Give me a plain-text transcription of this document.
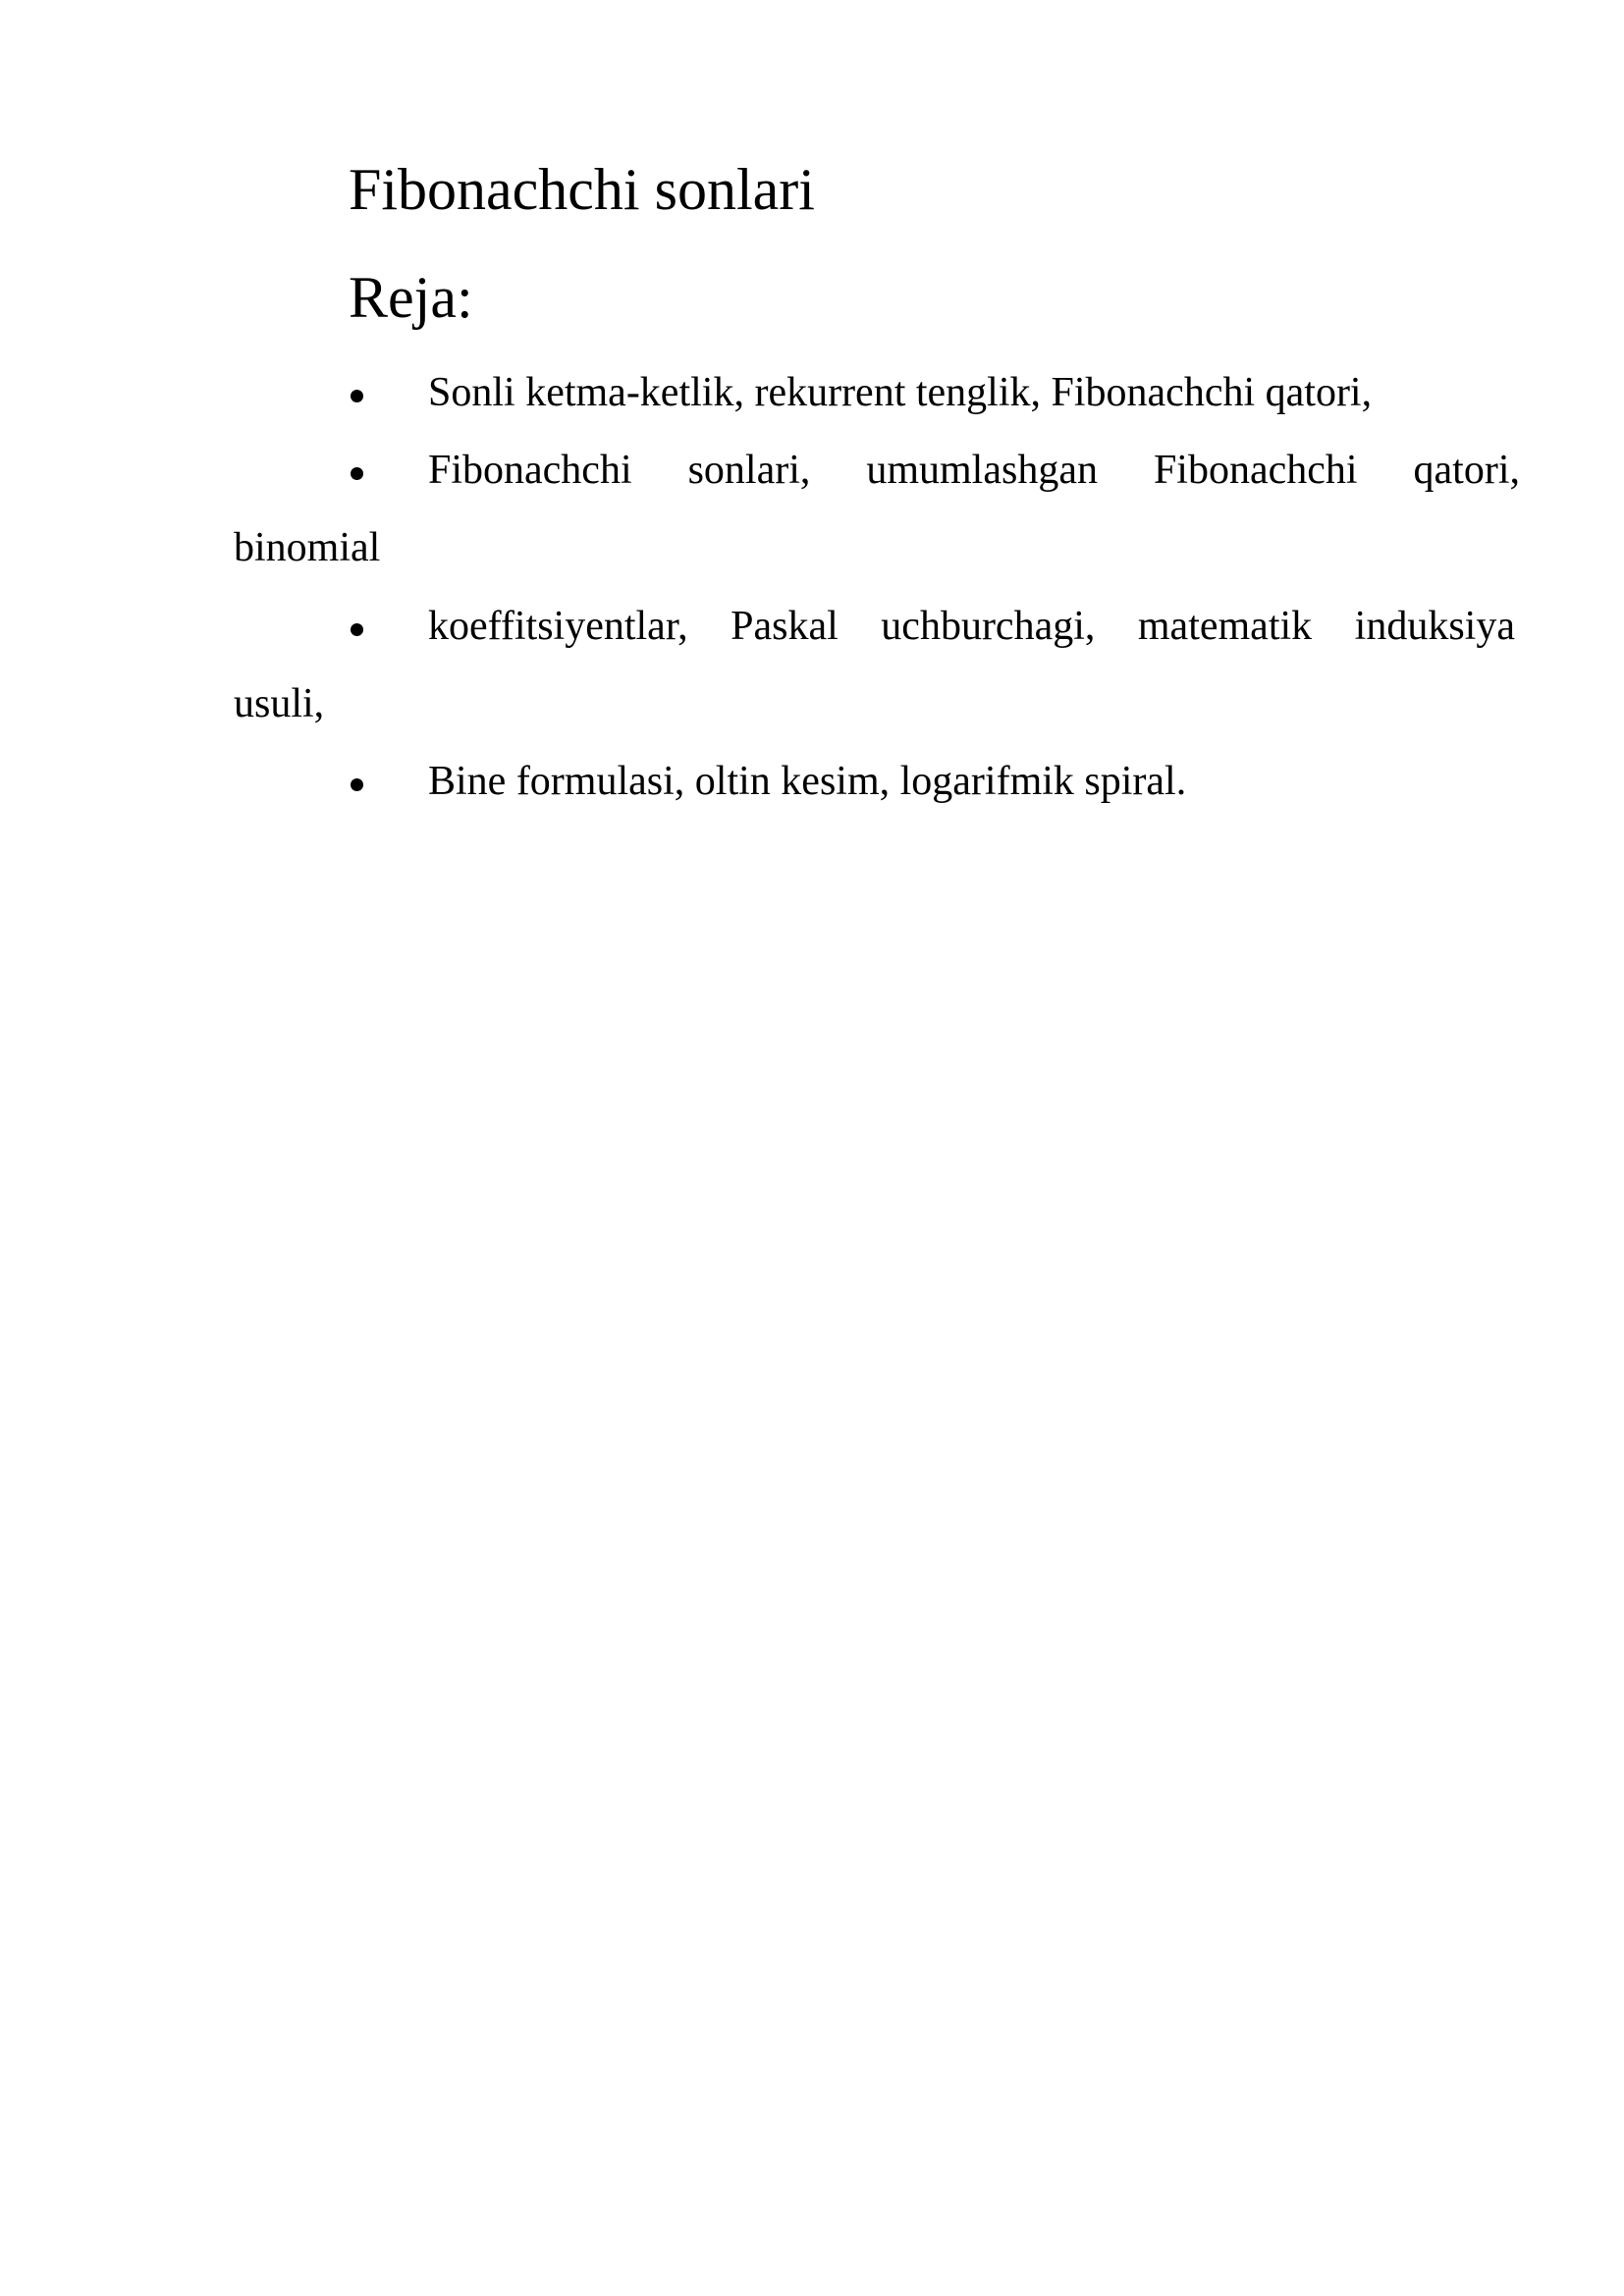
Fibonachchi sonlari
Reja:
Sonli ketma-ketlik, rekurrent tenglik, Fibonachchi qatori,
Fibonachchi sonlari, umumlashgan Fibonachchi qatori,
binomial
koeffitsiyentlar, Paskal uchburchagi, matematik induksiya
usuli,
Bine formulasi, oltin kesim, logarifmik spiral.
